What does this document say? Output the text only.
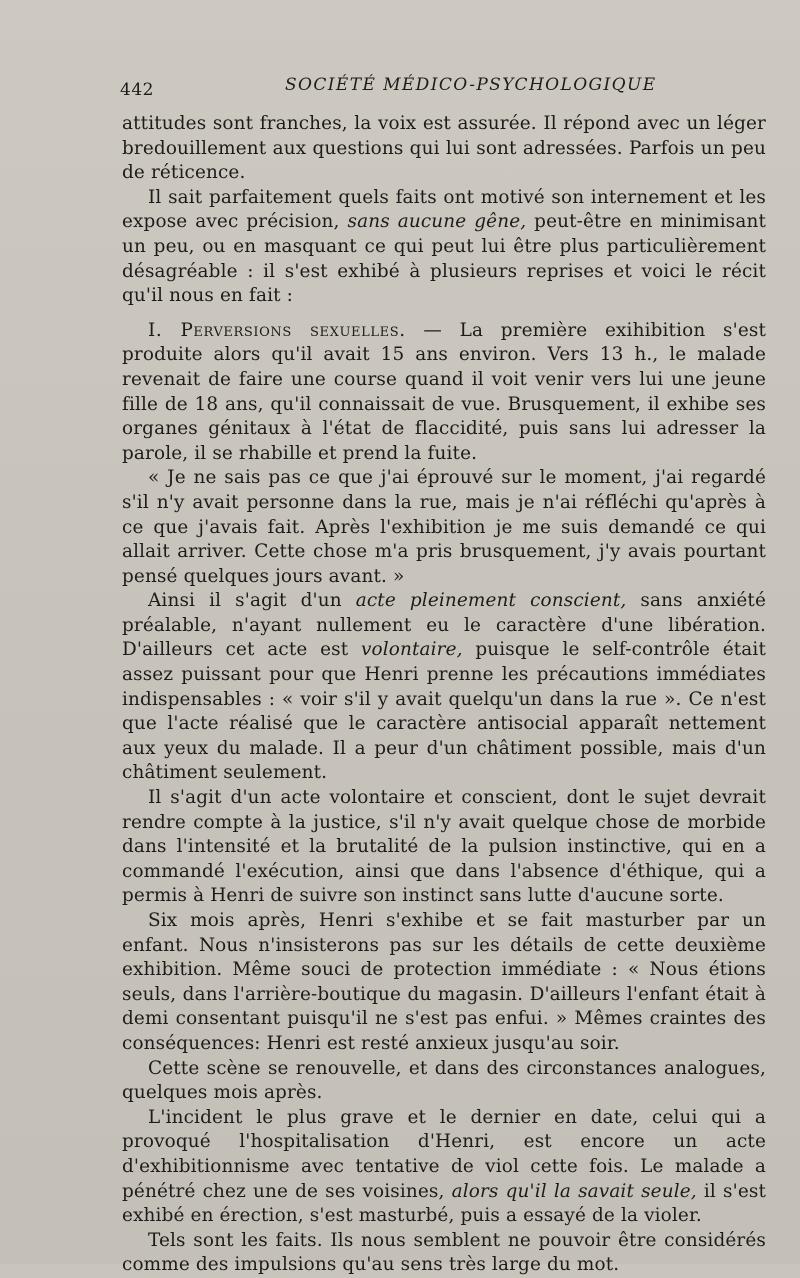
442	SOCIÉTÉ MÉDICO-PSYCHOLOGIQUE

attitudes sont franches, la voix est assurée. Il répond avec un léger bredouillement aux questions qui lui sont adressées. Parfois un peu de réticence.

Il sait parfaitement quels faits ont motivé son internement et les expose avec précision, sans aucune gêne, peut-être en minimisant un peu, ou en masquant ce qui peut lui être plus particulièrement désagréable : il s'est exhibé à plusieurs reprises et voici le récit qu'il nous en fait :

I. Perversions sexuelles. — La première exihibition s'est produite alors qu'il avait 15 ans environ. Vers 13 h., le malade revenait de faire une course quand il voit venir vers lui une jeune fille de 18 ans, qu'il connaissait de vue. Brusquement, il exhibe ses organes génitaux à l'état de flaccidité, puis sans lui adresser la parole, il se rhabille et prend la fuite.

« Je ne sais pas ce que j'ai éprouvé sur le moment, j'ai regardé s'il n'y avait personne dans la rue, mais je n'ai réfléchi qu'après à ce que j'avais fait. Après l'exhibition je me suis demandé ce qui allait arriver. Cette chose m'a pris brusquement, j'y avais pourtant pensé quelques jours avant. »

Ainsi il s'agit d'un acte pleinement conscient, sans anxiété préalable, n'ayant nullement eu le caractère d'une libération. D'ailleurs cet acte est volontaire, puisque le self-contrôle était assez puissant pour que Henri prenne les précautions immédiates indispensables : « voir s'il y avait quelqu'un dans la rue ». Ce n'est que l'acte réalisé que le caractère antisocial apparaît nettement aux yeux du malade. Il a peur d'un châtiment possible, mais d'un châtiment seulement.

Il s'agit d'un acte volontaire et conscient, dont le sujet devrait rendre compte à la justice, s'il n'y avait quelque chose de morbide dans l'intensité et la brutalité de la pulsion instinctive, qui en a commandé l'exécution, ainsi que dans l'absence d'éthique, qui a permis à Henri de suivre son instinct sans lutte d'aucune sorte.

Six mois après, Henri s'exhibe et se fait masturber par un enfant. Nous n'insisterons pas sur les détails de cette deuxième exhibition. Même souci de protection immédiate : « Nous étions seuls, dans l'arrière-boutique du magasin. D'ailleurs l'enfant était à demi consentant puisqu'il ne s'est pas enfui. » Mêmes craintes des conséquences: Henri est resté anxieux jusqu'au soir.

Cette scène se renouvelle, et dans des circonstances analogues, quelques mois après.

L'incident le plus grave et le dernier en date, celui qui a provoqué l'hospitalisation d'Henri, est encore un acte d'exhibitionnisme avec tentative de viol cette fois. Le malade a pénétré chez une de ses voisines, alors qu'il la savait seule, il s'est exhibé en érection, s'est masturbé, puis a essayé de la violer.

Tels sont les faits. Ils nous semblent ne pouvoir être considérés comme des impulsions qu'au sens très large du mot.
